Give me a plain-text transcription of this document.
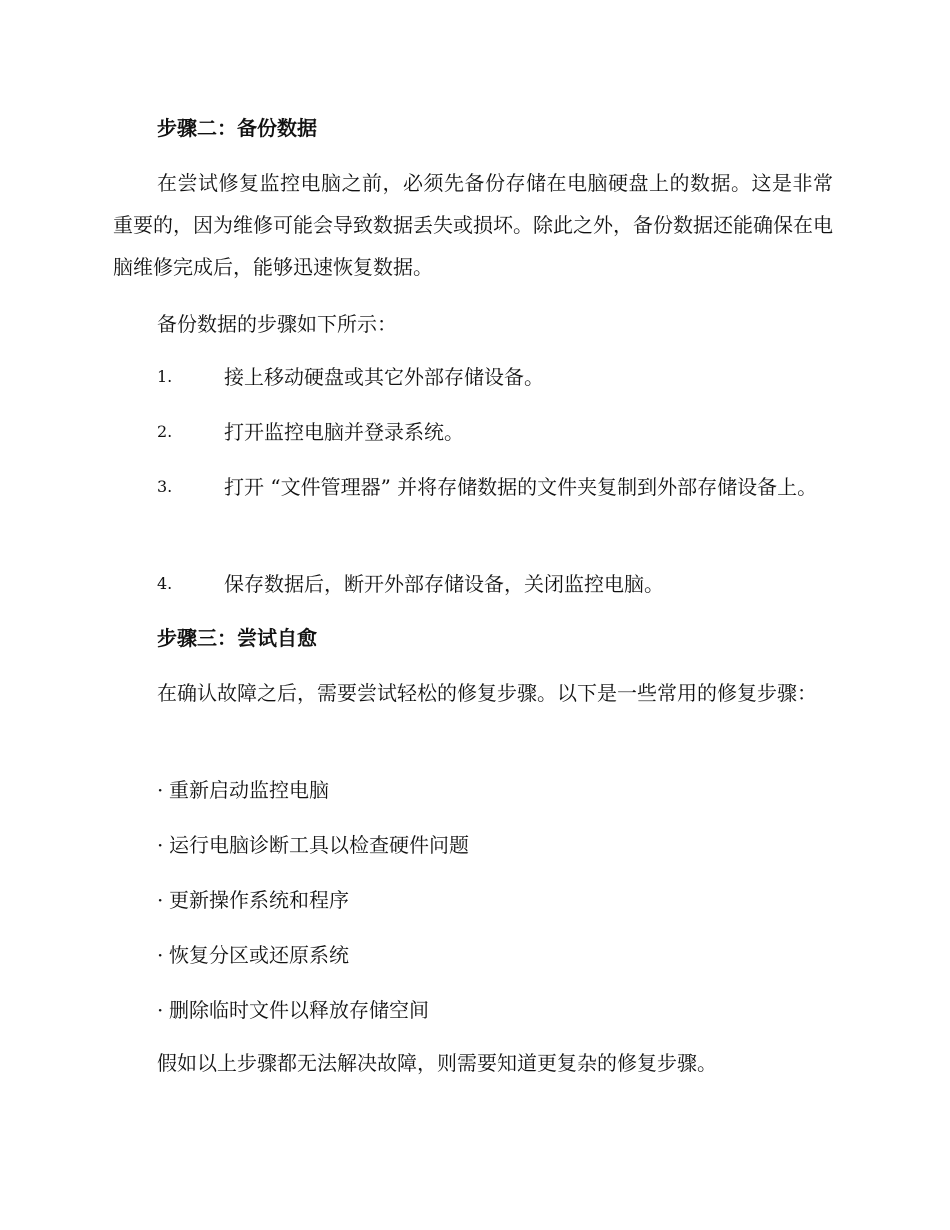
步骤二：备份数据

在尝试修复监控电脑之前，必须先备份存储在电脑硬盘上的数据。这是非常重要的，因为维修可能会导致数据丢失或损坏。除此之外，备份数据还能确保在电脑维修完成后，能够迅速恢复数据。

备份数据的步骤如下所示：
1.	接上移动硬盘或其它外部存储设备。
2.	打开监控电脑并登录系统。
3.	打开 “文件管理器” 并将存储数据的文件夹复制到外部存储设备上。
4.	保存数据后，断开外部存储设备，关闭监控电脑。
步骤三：尝试自愈

在确认故障之后，需要尝试轻松的修复步骤。以下是一些常用的修复步骤：

· 重新启动监控电脑
· 运行电脑诊断工具以检查硬件问题
· 更新操作系统和程序
· 恢复分区或还原系统
· 删除临时文件以释放存储空间
假如以上步骤都无法解决故障，则需要知道更复杂的修复步骤。
